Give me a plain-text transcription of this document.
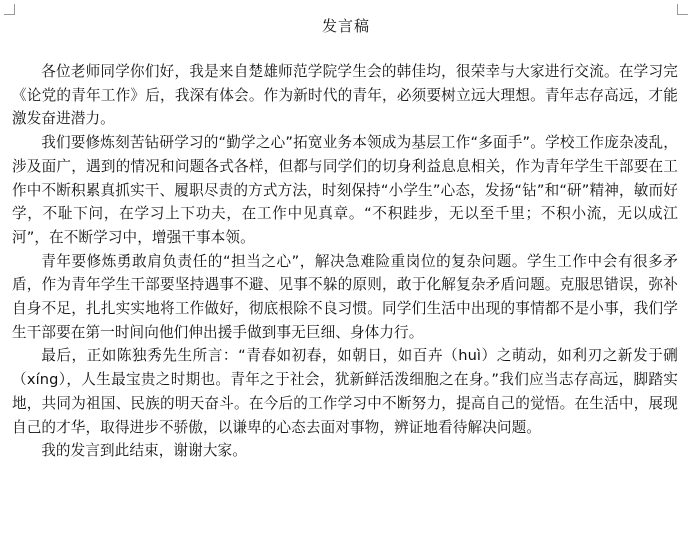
发言稿

各位老师同学你们好，我是来自楚雄师范学院学生会的韩佳均，很荣幸与大家进行交流。在学习完《论党的青年工作》后，我深有体会。作为新时代的青年，必须要树立远大理想。青年志存高远，才能激发奋进潜力。

我们要修炼刻苦钻研学习的“勤学之心”拓宽业务本领成为基层工作“多面手”。学校工作庞杂凌乱，涉及面广，遇到的情况和问题各式各样，但都与同学们的切身利益息息相关，作为青年学生干部要在工作中不断积累真抓实干、履职尽责的方式方法，时刻保持“小学生”心态，发扬“钻”和“研”精神，敏而好学，不耻下问，在学习上下功夫，在工作中见真章。“不积跬步，无以至千里；不积小流，无以成江河”，在不断学习中，增强干事本领。

青年要修炼勇敢肩负责任的“担当之心”，解决急难险重岗位的复杂问题。学生工作中会有很多矛盾，作为青年学生干部要坚持遇事不避、见事不躲的原则，敢于化解复杂矛盾问题。克服思错误，弥补自身不足，扎扎实实地将工作做好，彻底根除不良习惯。同学们生活中出现的事情都不是小事，我们学生干部要在第一时间向他们伸出援手做到事无巨细、身体力行。

最后，正如陈独秀先生所言：“青春如初春，如朝日，如百卉（huì）之萌动，如利刃之新发于硎（xíng），人生最宝贵之时期也。青年之于社会，犹新鲜活泼细胞之在身。”我们应当志存高远，脚踏实地，共同为祖国、民族的明天奋斗。在今后的工作学习中不断努力，提高自己的觉悟。在生活中，展现自己的才华，取得进步不骄傲，以谦卑的心态去面对事物，辨证地看待解决问题。

我的发言到此结束，谢谢大家。
